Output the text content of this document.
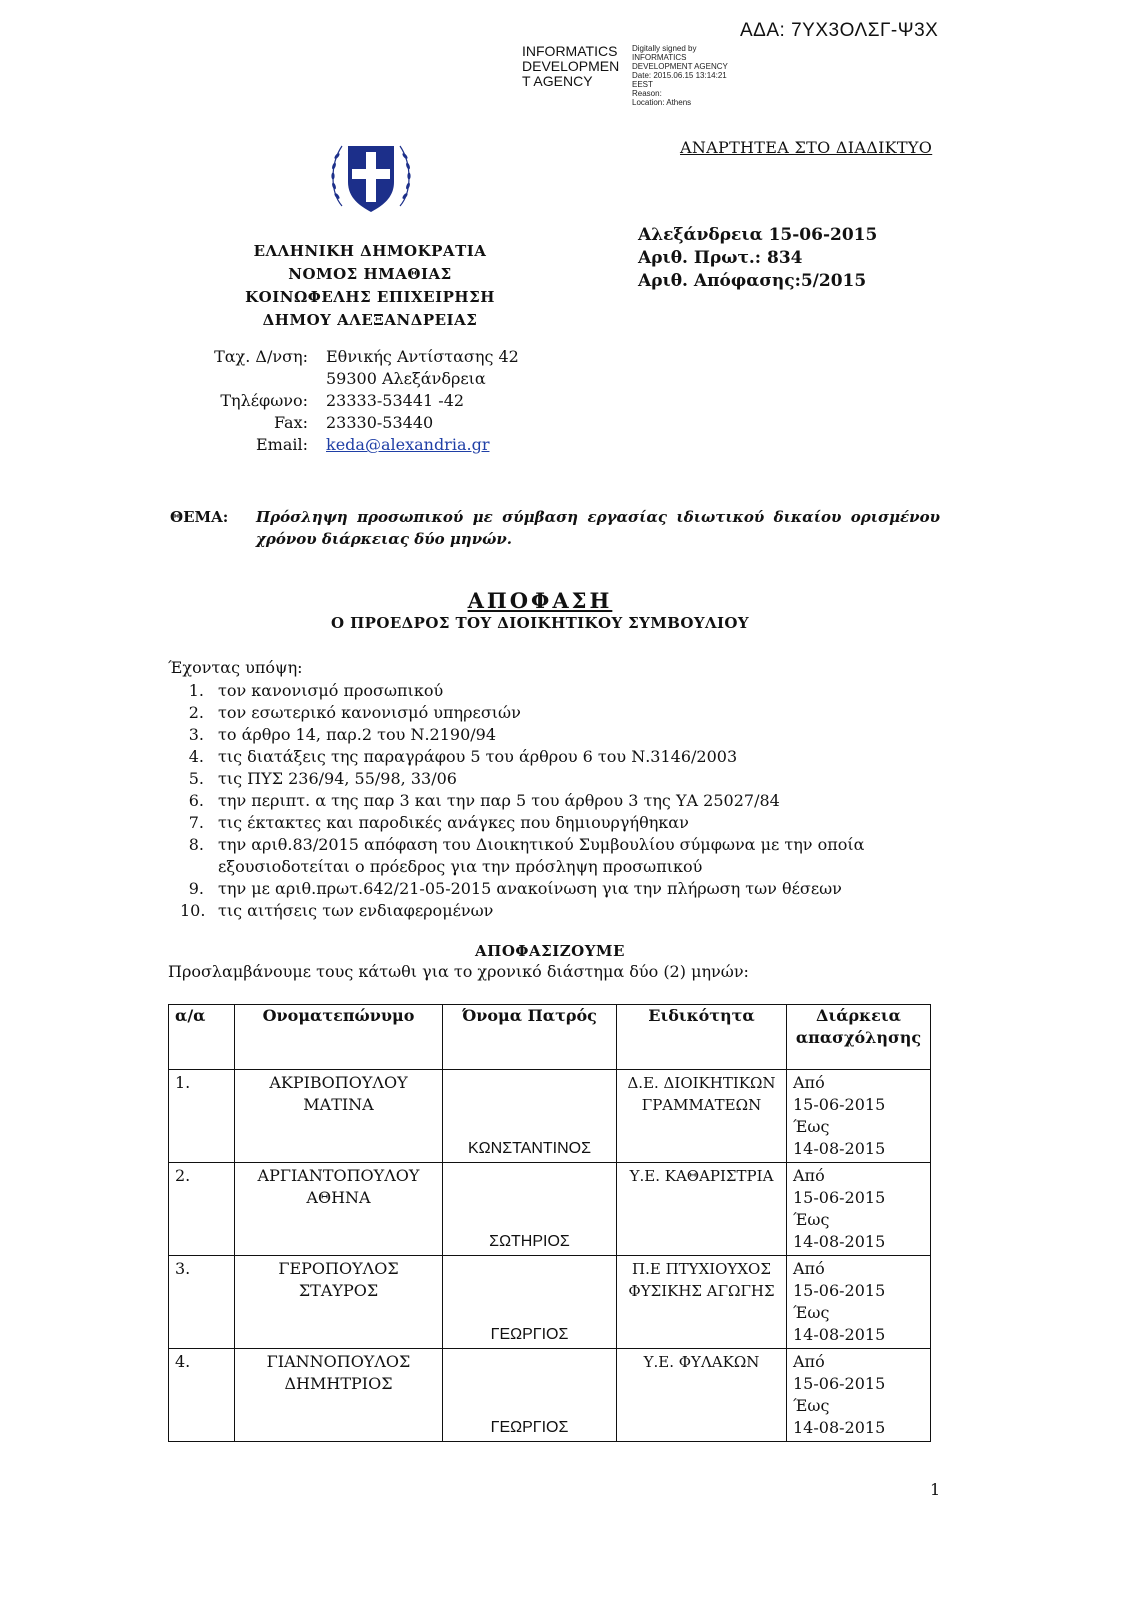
ΑΔΑ: 7ΥΧ3ΟΛΣΓ-Ψ3Χ
INFORMATICS
DEVELOPMEN
T AGENCY
Digitally signed by
INFORMATICS
DEVELOPMENT AGENCY
Date: 2015.06.15 13:14:21
EEST
Reason:
Location: Athens
ΑΝΑΡΤΗΤΕΑ ΣΤΟ ΔΙΑΔΙΚΤΥΟ
Αλεξάνδρεια 15-06-2015
Αριθ. Πρωτ.: 834
Αριθ. Απόφασης:5/2015
ΕΛΛΗΝΙΚΗ ΔΗΜΟΚΡΑΤΙΑ
ΝΟΜΟΣ ΗΜΑΘΙΑΣ
ΚΟΙΝΩΦΕΛΗΣ ΕΠΙΧΕΙΡΗΣΗ
ΔΗΜΟΥ ΑΛΕΞΑΝΔΡΕΙΑΣ
Ταχ. Δ/νση: Εθνικής Αντίστασης 42
59300 Αλεξάνδρεια
Τηλέφωνο: 23333-53441 -42
Fax: 23330-53440
Email: keda@alexandria.gr
ΘΕΜΑ: Πρόσληψη προσωπικού με σύμβαση εργασίας ιδιωτικού δικαίου ορισμένου χρόνου διάρκειας δύο μηνών.
ΑΠΟΦΑΣΗ
Ο ΠΡΟΕΔΡΟΣ ΤΟΥ ΔΙΟΙΚΗΤΙΚΟΥ ΣΥΜΒΟΥΛΙΟΥ
Έχοντας υπόψη:
1. τον κανονισμό προσωπικού
2. τον εσωτερικό κανονισμό υπηρεσιών
3. το άρθρο 14, παρ.2 του Ν.2190/94
4. τις διατάξεις της παραγράφου 5 του άρθρου 6 του Ν.3146/2003
5. τις ΠΥΣ 236/94, 55/98, 33/06
6. την περιπτ. α της παρ 3 και την παρ 5 του άρθρου 3 της ΥΑ 25027/84
7. τις έκτακτες και παροδικές ανάγκες που δημιουργήθηκαν
8. την αριθ.83/2015 απόφαση του Διοικητικού Συμβουλίου σύμφωνα με την οποία εξουσιοδοτείται ο πρόεδρος για την πρόσληψη προσωπικού
9. την με αριθ.πρωτ.642/21-05-2015 ανακοίνωση για την πλήρωση των θέσεων
10. τις αιτήσεις των ενδιαφερομένων
ΑΠΟΦΑΣΙΖΟΥΜΕ
Προσλαμβάνουμε τους κάτωθι για το χρονικό διάστημα δύο (2) μηνών:
α/α	Ονοματεπώνυμο	Όνομα Πατρός	Ειδικότητα	Διάρκεια απασχόλησης
1.	ΑΚΡΙΒΟΠΟΥΛΟΥ ΜΑΤΙΝΑ	ΚΩΝΣΤΑΝΤΙΝΟΣ	Δ.Ε. ΔΙΟΙΚΗΤΙΚΩΝ ΓΡΑΜΜΑΤΕΩΝ	Από
15-06-2015
Έως
14-08-2015

2.	ΑΡΓΙΑΝΤΟΠΟΥΛΟΥ ΑΘΗΝΑ	ΣΩΤΗΡΙΟΣ	Υ.Ε. ΚΑΘΑΡΙΣΤΡΙΑ	Από
15-06-2015
Έως
14-08-2015

3.	ΓΕΡΟΠΟΥΛΟΣ ΣΤΑΥΡΟΣ	ΓΕΩΡΓΙΟΣ	Π.Ε ΠΤΥΧΙΟΥΧΟΣ ΦΥΣΙΚΗΣ ΑΓΩΓΗΣ	Από
15-06-2015
Έως
14-08-2015

4.	ΓΙΑΝΝΟΠΟΥΛΟΣ ΔΗΜΗΤΡΙΟΣ	ΓΕΩΡΓΙΟΣ	Υ.Ε. ΦΥΛΑΚΩΝ	Από
15-06-2015
Έως
14-08-2015
1
